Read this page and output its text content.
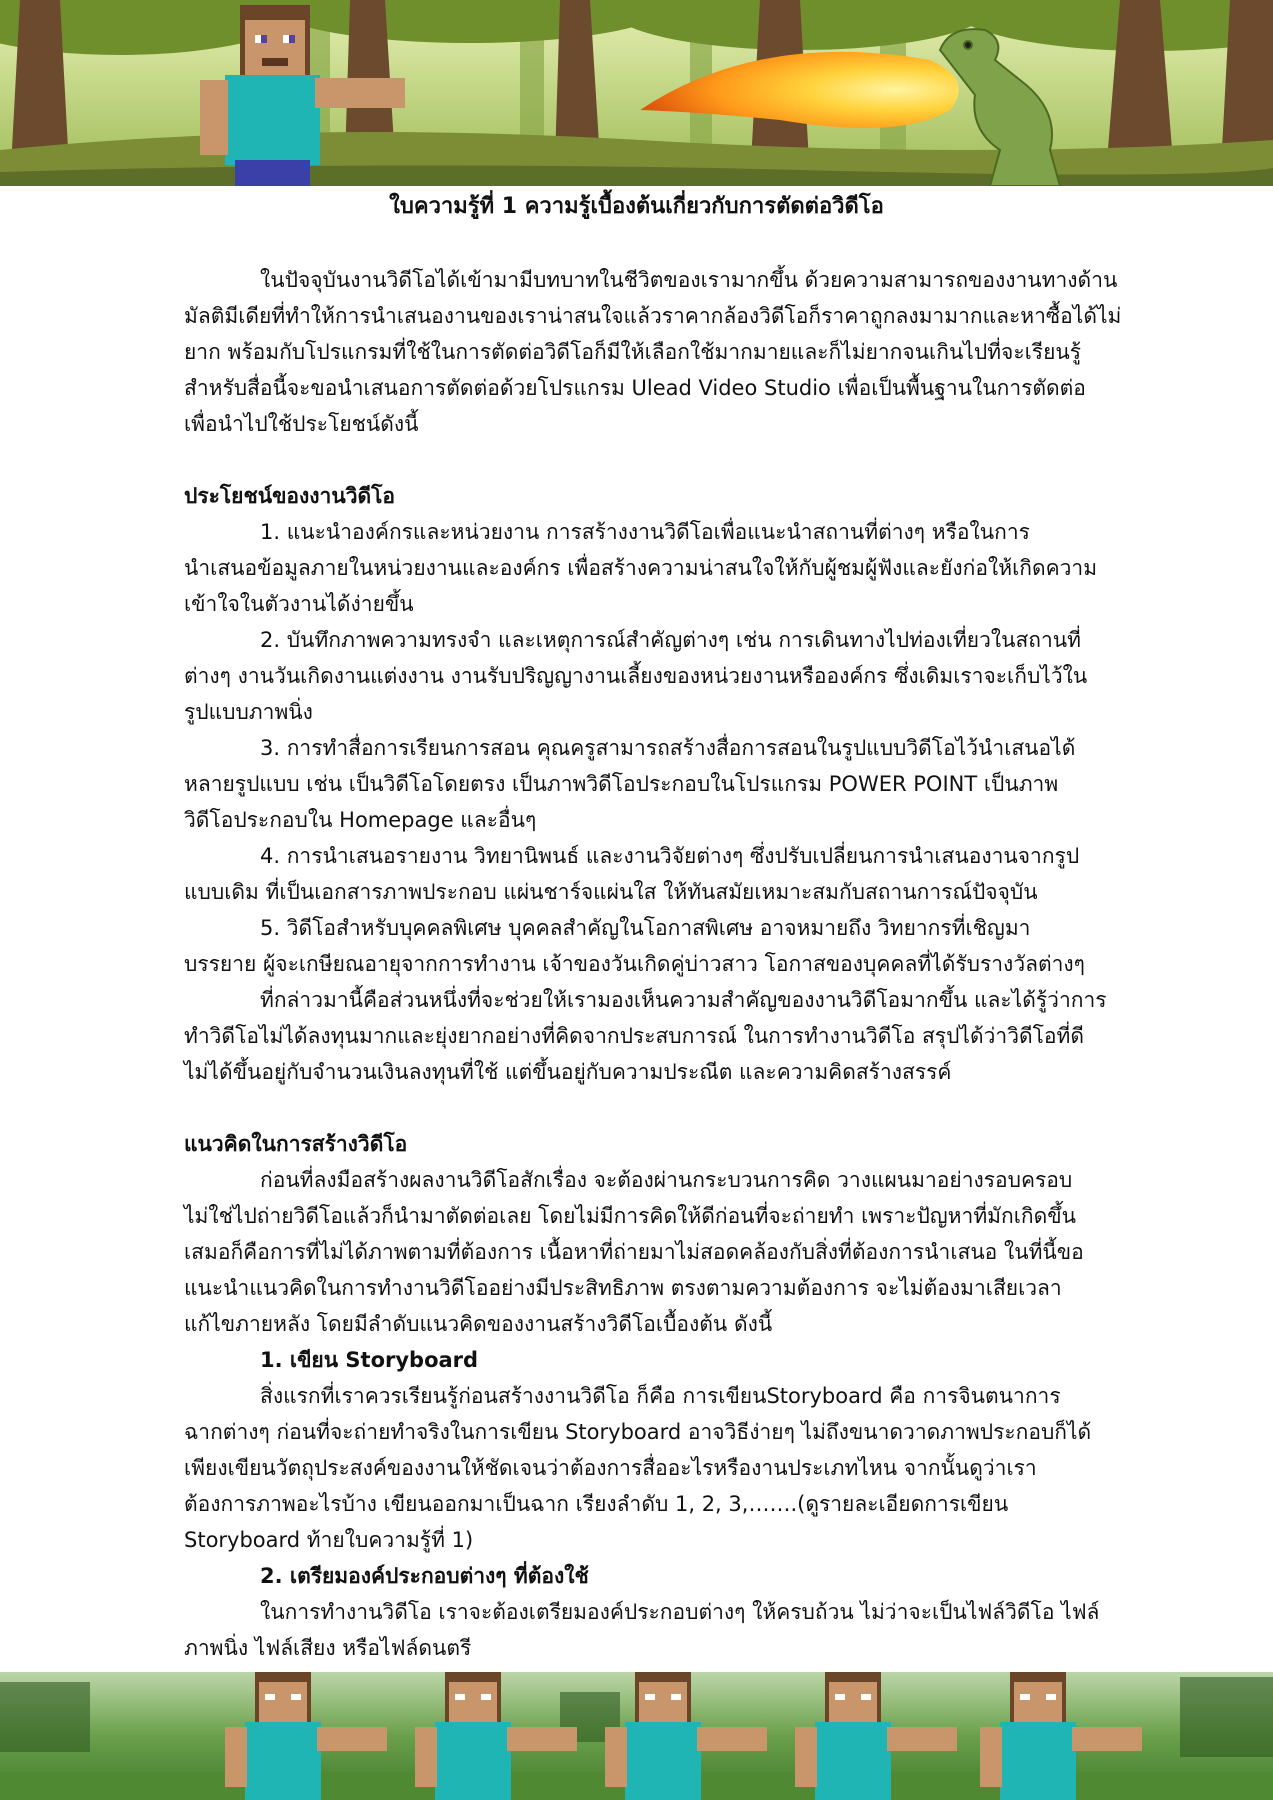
ใบความรู้ที่ 1 ความรู้เบื้องต้นเกี่ยวกับการตัดต่อวิดีโอ

ในปัจจุบันงานวิดีโอได้เข้ามามีบทบาทในชีวิตของเรามากขึ้น ด้วยความสามารถของงานทางด้าน

มัลติมีเดียที่ทำให้การนำเสนองานของเราน่าสนใจแล้วราคากล้องวิดีโอก็ราคาถูกลงมามากและหาซื้อได้ไม่

ยาก พร้อมกับโปรแกรมที่ใช้ในการตัดต่อวิดีโอก็มีให้เลือกใช้มากมายและก็ไม่ยากจนเกินไปที่จะเรียนรู้

สำหรับสื่อนี้จะขอนำเสนอการตัดต่อด้วยโปรแกรม Ulead Video Studio เพื่อเป็นพื้นฐานในการตัดต่อ

เพื่อนำไปใช้ประโยชน์ดังนี้

ประโยชน์ของงานวิดีโอ

1. แนะนำองค์กรและหน่วยงาน การสร้างงานวิดีโอเพื่อแนะนำสถานที่ต่างๆ หรือในการ

นำเสนอข้อมูลภายในหน่วยงานและองค์กร เพื่อสร้างความน่าสนใจให้กับผู้ชมผู้ฟังและยังก่อให้เกิดความ

เข้าใจในตัวงานได้ง่ายขึ้น

2. บันทึกภาพความทรงจำ และเหตุการณ์สำคัญต่างๆ เช่น การเดินทางไปท่องเที่ยวในสถานที่

ต่างๆ งานวันเกิดงานแต่งงาน งานรับปริญญางานเลี้ยงของหน่วยงานหรือองค์กร ซึ่งเดิมเราจะเก็บไว้ใน

รูปแบบภาพนิ่ง

3. การทำสื่อการเรียนการสอน คุณครูสามารถสร้างสื่อการสอนในรูปแบบวิดีโอไว้นำเสนอได้

หลายรูปแบบ เช่น เป็นวิดีโอโดยตรง เป็นภาพวิดีโอประกอบในโปรแกรม POWER POINT เป็นภาพ

วิดีโอประกอบใน Homepage และอื่นๆ

4. การนำเสนอรายงาน วิทยานิพนธ์ และงานวิจัยต่างๆ ซึ่งปรับเปลี่ยนการนำเสนองานจากรูป

แบบเดิม ที่เป็นเอกสารภาพประกอบ แผ่นชาร์จแผ่นใส ให้ทันสมัยเหมาะสมกับสถานการณ์ปัจจุบัน

5. วิดีโอสำหรับบุคคลพิเศษ บุคคลสำคัญในโอกาสพิเศษ อาจหมายถึง วิทยากรที่เชิญมา

บรรยาย ผู้จะเกษียณอายุจากการทำงาน เจ้าของวันเกิดคู่บ่าวสาว โอกาสของบุคคลที่ได้รับรางวัลต่างๆ

ที่กล่าวมานี้คือส่วนหนึ่งที่จะช่วยให้เรามองเห็นความสำคัญของงานวิดีโอมากขึ้น และได้รู้ว่าการ

ทำวิดีโอไม่ได้ลงทุนมากและยุ่งยากอย่างที่คิดจากประสบการณ์ ในการทำงานวิดีโอ สรุปได้ว่าวิดีโอที่ดี

ไม่ได้ขึ้นอยู่กับจำนวนเงินลงทุนที่ใช้ แต่ขึ้นอยู่กับความประณีต และความคิดสร้างสรรค์

แนวคิดในการสร้างวิดีโอ

ก่อนที่ลงมือสร้างผลงานวิดีโอสักเรื่อง จะต้องผ่านกระบวนการคิด วางแผนมาอย่างรอบครอบ

ไม่ใช่ไปถ่ายวิดีโอแล้วก็นำมาตัดต่อเลย โดยไม่มีการคิดให้ดีก่อนที่จะถ่ายทำ เพราะปัญหาที่มักเกิดขึ้น

เสมอก็คือการที่ไม่ได้ภาพตามที่ต้องการ เนื้อหาที่ถ่ายมาไม่สอดคล้องกับสิ่งที่ต้องการนำเสนอ ในที่นี้ขอ

แนะนำแนวคิดในการทำงานวิดีโออย่างมีประสิทธิภาพ ตรงตามความต้องการ จะไม่ต้องมาเสียเวลา

แก้ไขภายหลัง โดยมีลำดับแนวคิดของงานสร้างวิดีโอเบื้องต้น ดังนี้

1. เขียน Storyboard

สิ่งแรกที่เราควรเรียนรู้ก่อนสร้างงานวิดีโอ ก็คือ การเขียนStoryboard คือ การจินตนาการ

ฉากต่างๆ ก่อนที่จะถ่ายทำจริงในการเขียน Storyboard อาจวิธีง่ายๆ ไม่ถึงขนาดวาดภาพประกอบก็ได้

เพียงเขียนวัตถุประสงค์ของงานให้ชัดเจนว่าต้องการสื่ออะไรหรืองานประเภทไหน จากนั้นดูว่าเรา

ต้องการภาพอะไรบ้าง เขียนออกมาเป็นฉาก เรียงลำดับ 1, 2, 3,…….(ดูรายละเอียดการเขียน

Storyboard ท้ายใบความรู้ที่ 1)

2. เตรียมองค์ประกอบต่างๆ ที่ต้องใช้

ในการทำงานวิดีโอ เราจะต้องเตรียมองค์ประกอบต่างๆ ให้ครบถ้วน ไม่ว่าจะเป็นไฟล์วิดีโอ ไฟล์

ภาพนิ่ง ไฟล์เสียง หรือไฟล์ดนตรี
